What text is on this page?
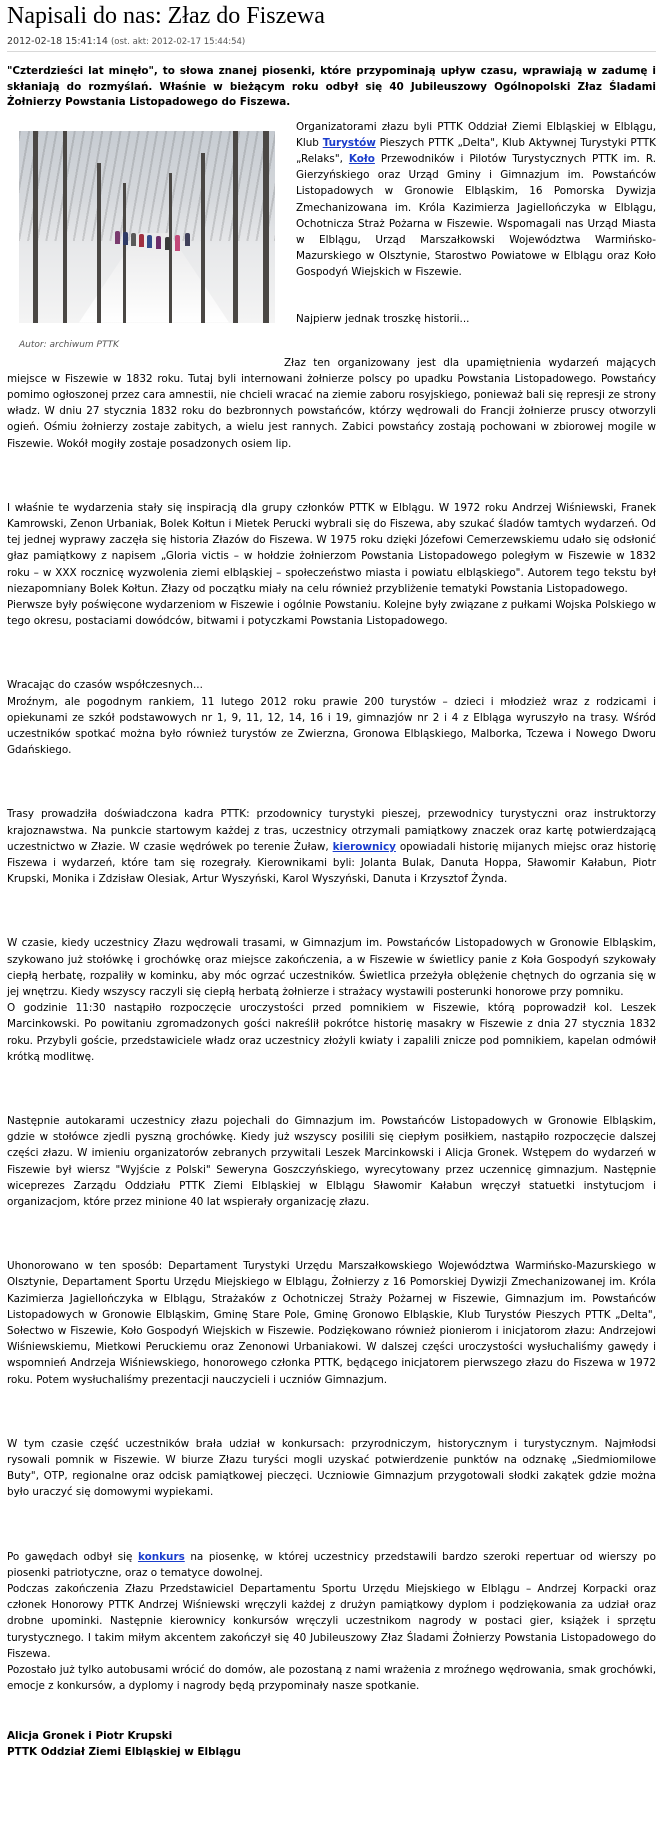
Napisali do nas: Złaz do Fiszewa
2012-02-18 15:41:14 (ost. akt: 2012-02-17 15:44:54)

"Czterdzieści lat minęło", to słowa znanej piosenki, które przypominają upływ czasu, wprawiają w zadumę i skłaniają do rozmyślań. Właśnie w bieżącym roku odbył się 40 Jubileuszowy Ogólnopolski Złaz Śladami Żołnierzy Powstania Listopadowego do Fiszewa.

Autor: archiwum PTTK

Organizatorami złazu byli PTTK Oddział Ziemi Elbląskiej w Elblągu, Klub Turystów Pieszych PTTK „Delta", Klub Aktywnej Turystyki PTTK „Relaks", Koło Przewodników i Pilotów Turystycznych PTTK im. R. Gierzyńskiego oraz Urząd Gminy i Gimnazjum im. Powstańców Listopadowych w Gronowie Elbląskim, 16 Pomorska Dywizja Zmechanizowana im. Króla Kazimierza Jagiellończyka w Elblągu, Ochotnicza Straż Pożarna w Fiszewie. Wspomagali nas Urząd Miasta w Elblągu, Urząd Marszałkowski Województwa Warmińsko-Mazurskiego w Olsztynie, Starostwo Powiatowe w Elblągu oraz Koło Gospodyń Wiejskich w Fiszewie.

Najpierw jednak troszkę historii...

Złaz ten organizowany jest dla upamiętnienia wydarzeń mających miejsce w Fiszewie w 1832 roku. Tutaj byli internowani żołnierze polscy po upadku Powstania Listopadowego. Powstańcy pomimo ogłoszonej przez cara amnestii, nie chcieli wracać na ziemie zaboru rosyjskiego, ponieważ bali się represji ze strony władz. W dniu 27 stycznia 1832 roku do bezbronnych powstańców, którzy wędrowali do Francji żołnierze pruscy otworzyli ogień. Ośmiu żołnierzy zostaje zabitych, a wielu jest rannych. Zabici powstańcy zostają pochowani w zbiorowej mogile w Fiszewie. Wokół mogiły zostaje posadzonych osiem lip.

I właśnie te wydarzenia stały się inspiracją dla grupy członków PTTK w Elblągu. W 1972 roku Andrzej Wiśniewski, Franek Kamrowski, Zenon Urbaniak, Bolek Kołtun i Mietek Perucki wybrali się do Fiszewa, aby szukać śladów tamtych wydarzeń. Od tej jednej wyprawy zaczęła się historia Złazów do Fiszewa. W 1975 roku dzięki Józefowi Cemerzewskiemu udało się odsłonić głaz pamiątkowy z napisem „Gloria victis – w hołdzie żołnierzom Powstania Listopadowego poległym w Fiszewie w 1832 roku – w XXX rocznicę wyzwolenia ziemi elbląskiej – społeczeństwo miasta i powiatu elbląskiego". Autorem tego tekstu był niezapomniany Bolek Kołtun. Złazy od początku miały na celu również przybliżenie tematyki Powstania Listopadowego.

Pierwsze były poświęcone wydarzeniom w Fiszewie i ogólnie Powstaniu. Kolejne były związane z pułkami Wojska Polskiego w tego okresu, postaciami dowódców, bitwami i potyczkami Powstania Listopadowego.

Wracając do czasów współczesnych...

Mroźnym, ale pogodnym rankiem, 11 lutego 2012 roku prawie 200 turystów – dzieci i młodzież wraz z rodzicami i opiekunami ze szkół podstawowych nr 1, 9, 11, 12, 14, 16 i 19, gimnazjów nr 2 i 4 z Elbląga wyruszyło na trasy. Wśród uczestników spotkać można było również turystów ze Zwierzna, Gronowa Elbląskiego, Malborka, Tczewa i Nowego Dworu Gdańskiego.

Trasy prowadziła doświadczona kadra PTTK: przodownicy turystyki pieszej, przewodnicy turystyczni oraz instruktorzy krajoznawstwa. Na punkcie startowym każdej z tras, uczestnicy otrzymali pamiątkowy znaczek oraz kartę potwierdzającą uczestnictwo w Złazie. W czasie wędrówek po terenie Żuław, kierownicy opowiadali historię mijanych miejsc oraz historię Fiszewa i wydarzeń, które tam się rozegrały. Kierownikami byli: Jolanta Bulak, Danuta Hoppa, Sławomir Kałabun, Piotr Krupski, Monika i Zdzisław Olesiak, Artur Wyszyński, Karol Wyszyński, Danuta i Krzysztof Żynda.

W czasie, kiedy uczestnicy Złazu wędrowali trasami, w Gimnazjum im. Powstańców Listopadowych w Gronowie Elbląskim, szykowano już stołówkę i grochówkę oraz miejsce zakończenia, a w Fiszewie w świetlicy panie z Koła Gospodyń szykowały ciepłą herbatę, rozpaliły w kominku, aby móc ogrzać uczestników. Świetlica przeżyła oblężenie chętnych do ogrzania się w jej wnętrzu. Kiedy wszyscy raczyli się ciepłą herbatą żołnierze i strażacy wystawili posterunki honorowe przy pomniku.

O godzinie 11:30 nastąpiło rozpoczęcie uroczystości przed pomnikiem w Fiszewie, którą poprowadził kol. Leszek Marcinkowski. Po powitaniu zgromadzonych gości nakreślił pokrótce historię masakry w Fiszewie z dnia 27 stycznia 1832 roku. Przybyli goście, przedstawiciele władz oraz uczestnicy złożyli kwiaty i zapalili znicze pod pomnikiem, kapelan odmówił krótką modlitwę.

Następnie autokarami uczestnicy złazu pojechali do Gimnazjum im. Powstańców Listopadowych w Gronowie Elbląskim, gdzie w stołówce zjedli pyszną grochówkę. Kiedy już wszyscy posilili się ciepłym posiłkiem, nastąpiło rozpoczęcie dalszej części złazu. W imieniu organizatorów zebranych przywitali Leszek Marcinkowski i Alicja Gronek. Wstępem do wydarzeń w Fiszewie był wiersz "Wyjście z Polski" Seweryna Goszczyńskiego, wyrecytowany przez uczennicę gimnazjum. Następnie wiceprezes Zarządu Oddziału PTTK Ziemi Elbląskiej w Elblągu Sławomir Kałabun wręczył statuetki instytucjom i organizacjom, które przez minione 40 lat wspierały organizację złazu.

Uhonorowano w ten sposób: Departament Turystyki Urzędu Marszałkowskiego Województwa Warmińsko-Mazurskiego w Olsztynie, Departament Sportu Urzędu Miejskiego w Elblągu, Żołnierzy z 16 Pomorskiej Dywizji Zmechanizowanej im. Króla Kazimierza Jagiellończyka w Elblągu, Strażaków z Ochotniczej Straży Pożarnej w Fiszewie, Gimnazjum im. Powstańców Listopadowych w Gronowie Elbląskim, Gminę Stare Pole, Gminę Gronowo Elbląskie, Klub Turystów Pieszych PTTK „Delta", Sołectwo w Fiszewie, Koło Gospodyń Wiejskich w Fiszewie. Podziękowano również pionierom i inicjatorom złazu: Andrzejowi Wiśniewskiemu, Mietkowi Peruckiemu oraz Zenonowi Urbaniakowi. W dalszej części uroczystości wysłuchaliśmy gawędy i wspomnień Andrzeja Wiśniewskiego, honorowego członka PTTK, będącego inicjatorem pierwszego złazu do Fiszewa w 1972 roku. Potem wysłuchaliśmy prezentacji nauczycieli i uczniów Gimnazjum.

W tym czasie część uczestników brała udział w konkursach: przyrodniczym, historycznym i turystycznym. Najmłodsi rysowali pomnik w Fiszewie. W biurze Złazu turyści mogli uzyskać potwierdzenie punktów na odznakę „Siedmiomilowe Buty", OTP, regionalne oraz odcisk pamiątkowej pieczęci. Uczniowie Gimnazjum przygotowali słodki zakątek gdzie można było uraczyć się domowymi wypiekami.

Po gawędach odbył się konkurs na piosenkę, w której uczestnicy przedstawili bardzo szeroki repertuar od wierszy po piosenki patriotyczne, oraz o tematyce dowolnej.

Podczas zakończenia Złazu Przedstawiciel Departamentu Sportu Urzędu Miejskiego w Elblągu – Andrzej Korpacki oraz członek Honorowy PTTK Andrzej Wiśniewski wręczyli każdej z drużyn pamiątkowy dyplom i podziękowania za udział oraz drobne upominki. Następnie kierownicy konkursów wręczyli uczestnikom nagrody w postaci gier, książek i sprzętu turystycznego. I takim miłym akcentem zakończył się 40 Jubileuszowy Złaz Śladami Żołnierzy Powstania Listopadowego do Fiszewa.

Pozostało już tylko autobusami wrócić do domów, ale pozostaną z nami wrażenia z mroźnego wędrowania, smak grochówki, emocje z konkursów, a dyplomy i nagrody będą przypominały nasze spotkanie.

Alicja Gronek i Piotr Krupski
PTTK Oddział Ziemi Elbląskiej w Elblągu
